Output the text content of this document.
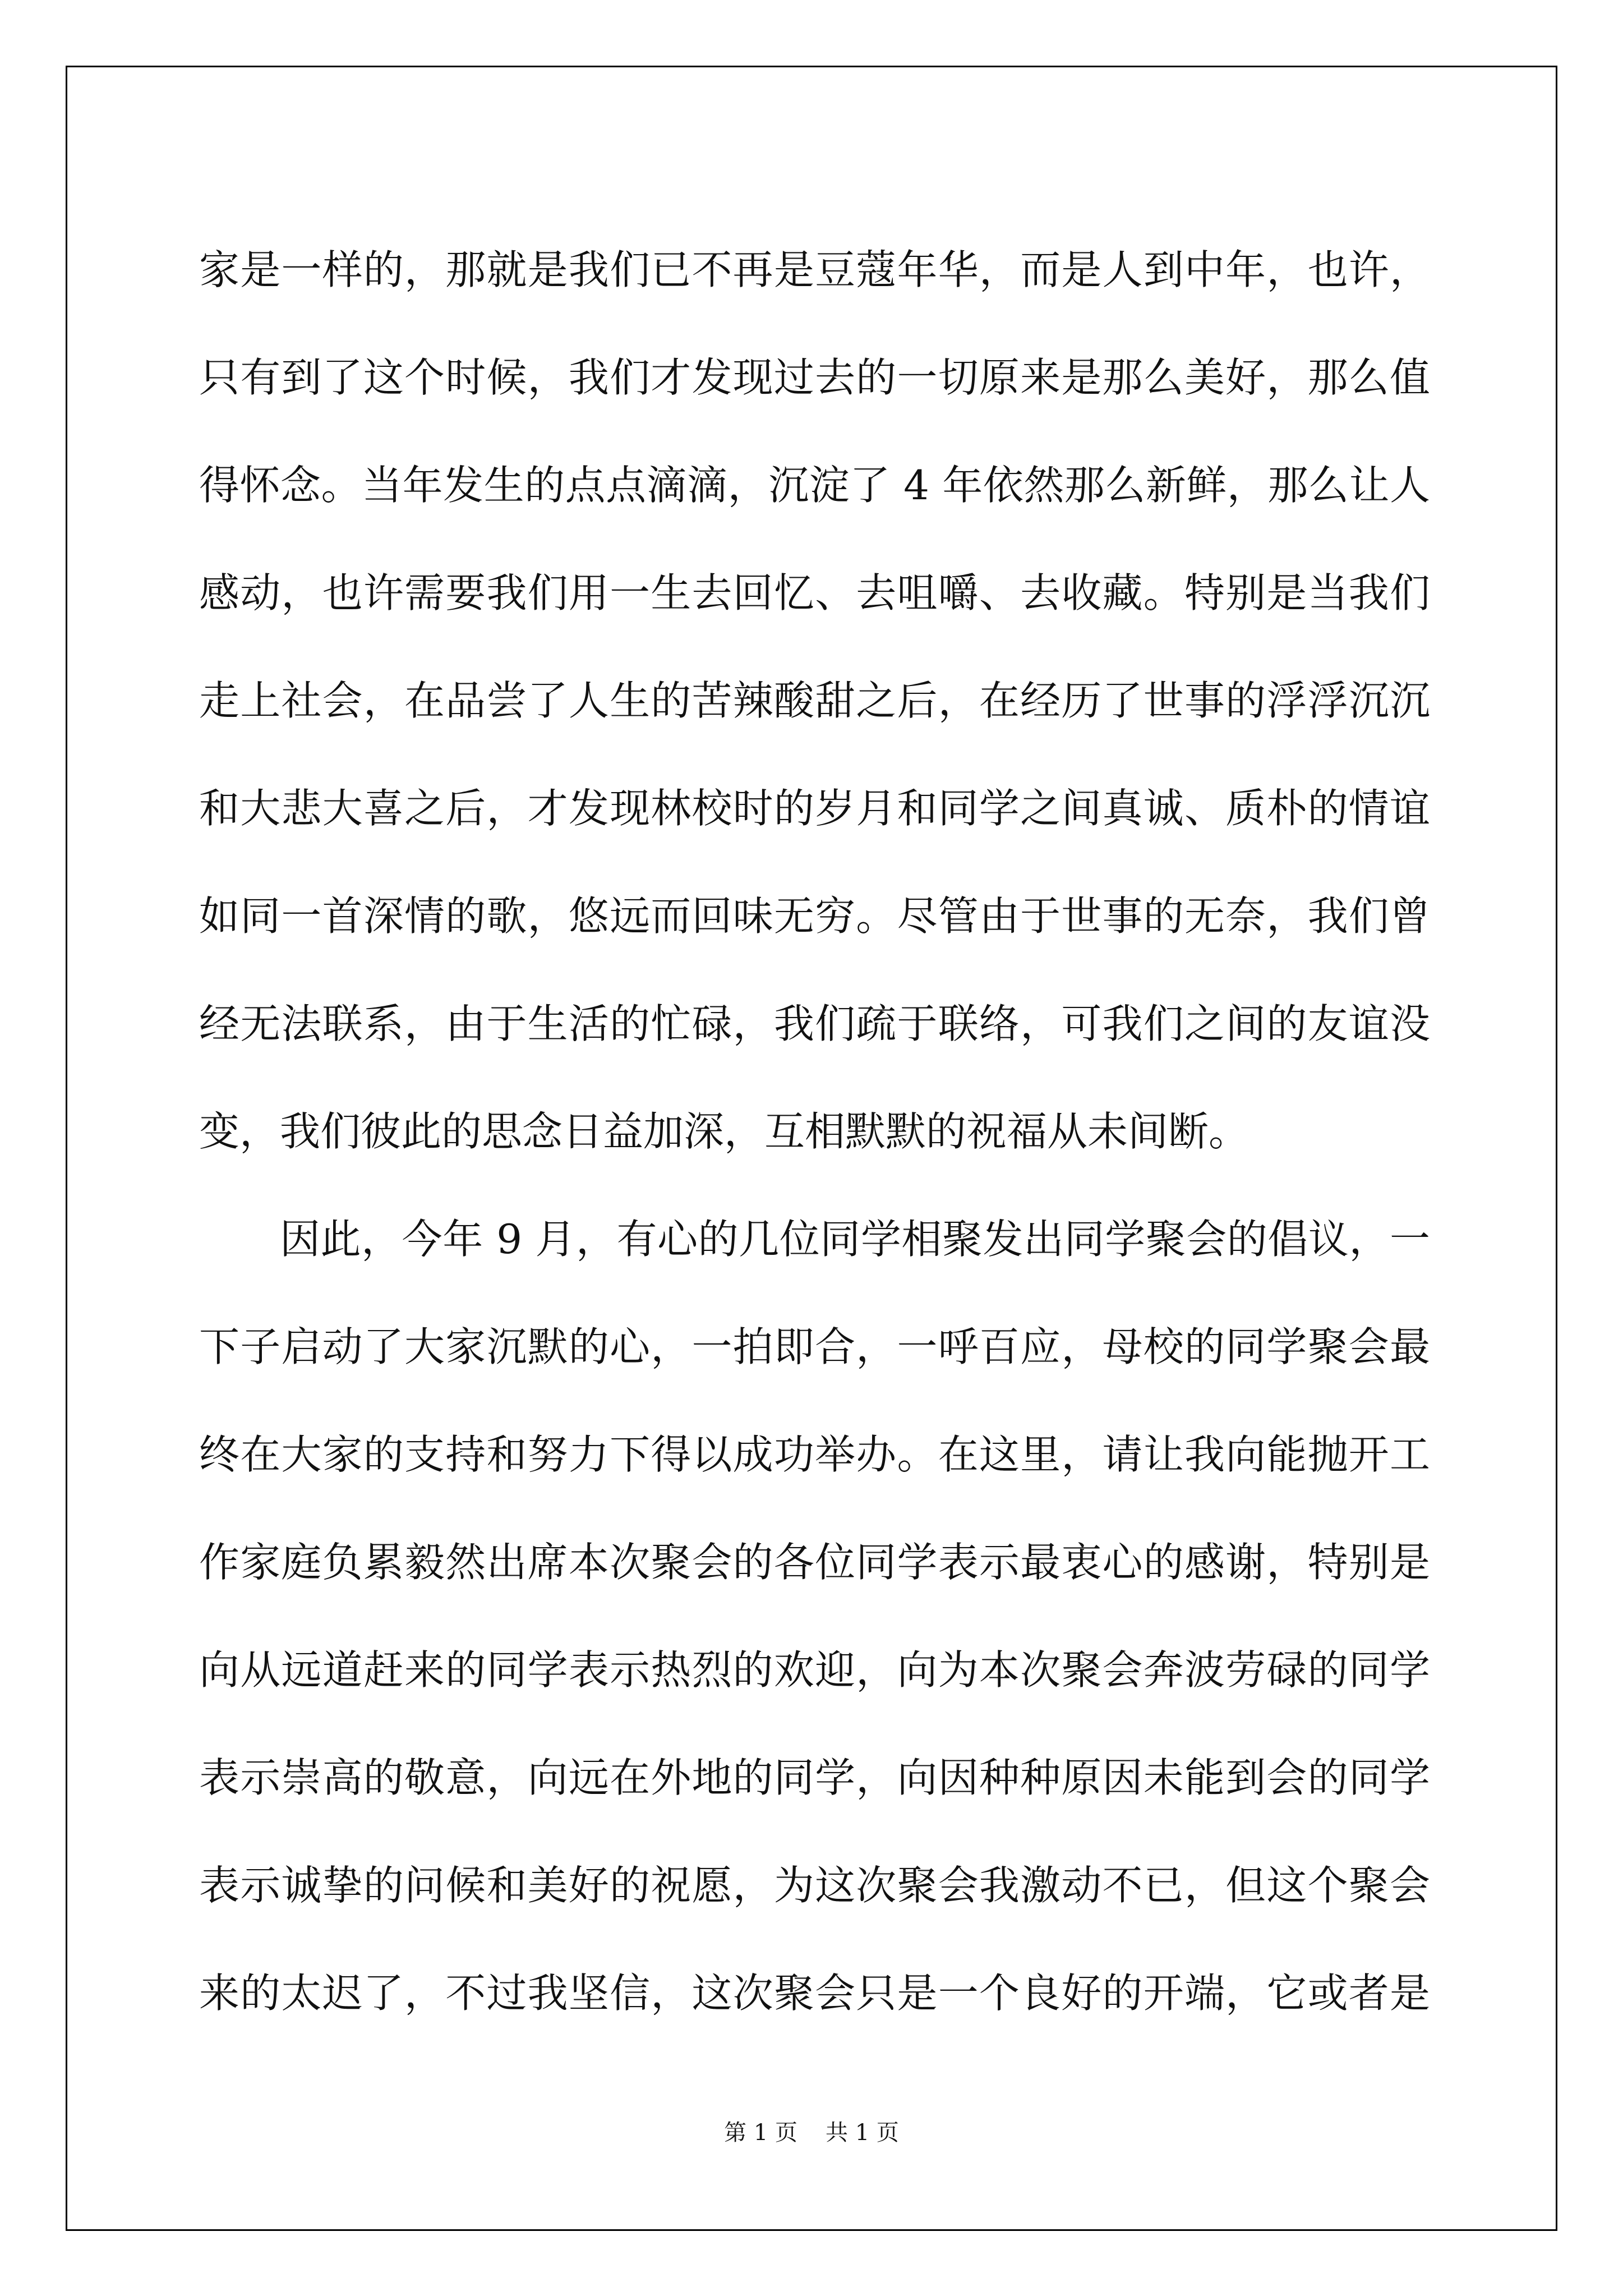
家是一样的，那就是我们已不再是豆蔻年华，而是人到中年，也许，
只有到了这个时候，我们才发现过去的一切原来是那么美好，那么值
得怀念。当年发生的点点滴滴，沉淀了 4 年依然那么新鲜，那么让人
感动，也许需要我们用一生去回忆、去咀嚼、去收藏。特别是当我们
走上社会，在品尝了人生的苦辣酸甜之后，在经历了世事的浮浮沉沉
和大悲大喜之后，才发现林校时的岁月和同学之间真诚、质朴的情谊
如同一首深情的歌，悠远而回味无穷。尽管由于世事的无奈，我们曾
经无法联系，由于生活的忙碌，我们疏于联络，可我们之间的友谊没
变，我们彼此的思念日益加深，互相默默的祝福从未间断。
因此，今年 9 月，有心的几位同学相聚发出同学聚会的倡议，一
下子启动了大家沉默的心，一拍即合，一呼百应，母校的同学聚会最
终在大家的支持和努力下得以成功举办。在这里，请让我向能抛开工
作家庭负累毅然出席本次聚会的各位同学表示最衷心的感谢，特别是
向从远道赶来的同学表示热烈的欢迎，向为本次聚会奔波劳碌的同学
表示崇高的敬意，向远在外地的同学，向因种种原因未能到会的同学
表示诚挚的问候和美好的祝愿，为这次聚会我激动不已，但这个聚会
来的太迟了，不过我坚信，这次聚会只是一个良好的开端，它或者是
第 1 页 共 1 页
